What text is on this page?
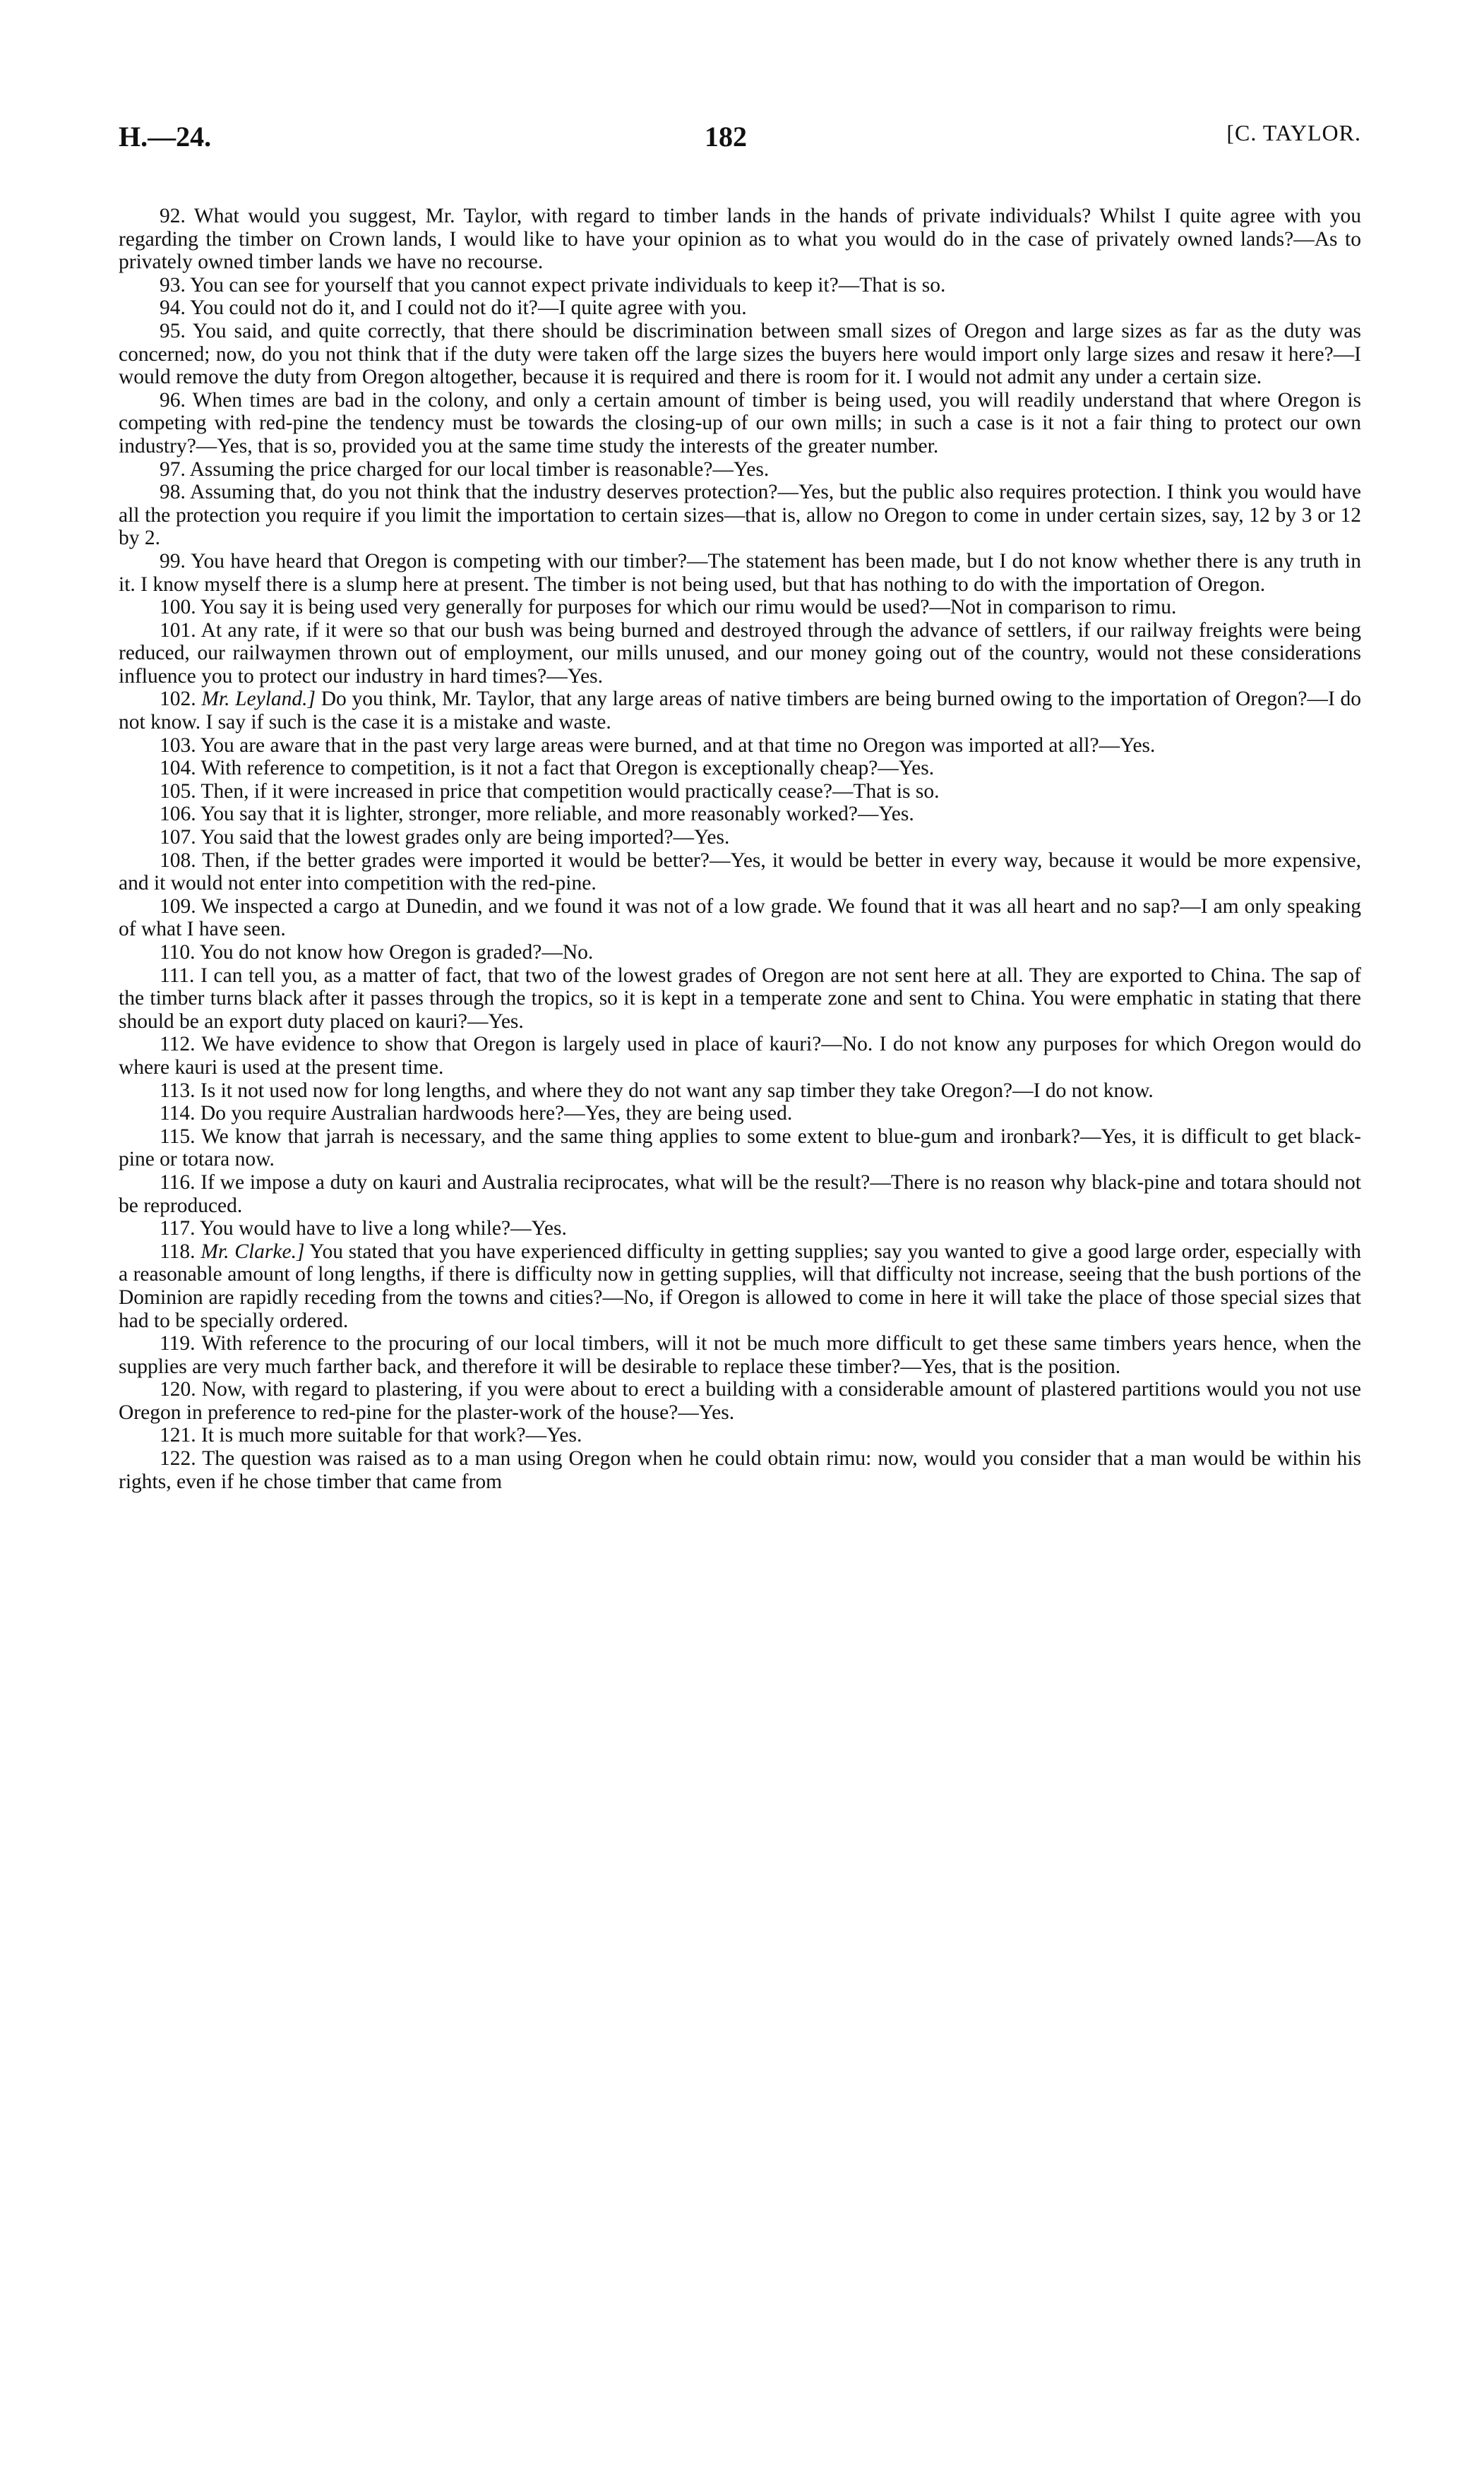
H.—24.	182	[C. TAYLOR.

92. What would you suggest, Mr. Taylor, with regard to timber lands in the hands of private individuals? Whilst I quite agree with you regarding the timber on Crown lands, I would like to have your opinion as to what you would do in the case of privately owned lands?—As to privately owned timber lands we have no recourse.

93. You can see for yourself that you cannot expect private individuals to keep it?—That is so.

94. You could not do it, and I could not do it?—I quite agree with you.

95. You said, and quite correctly, that there should be discrimination between small sizes of Oregon and large sizes as far as the duty was concerned; now, do you not think that if the duty were taken off the large sizes the buyers here would import only large sizes and resaw it here?—I would remove the duty from Oregon altogether, because it is required and there is room for it. I would not admit any under a certain size.

96. When times are bad in the colony, and only a certain amount of timber is being used, you will readily understand that where Oregon is competing with red-pine the tendency must be towards the closing-up of our own mills; in such a case is it not a fair thing to protect our own industry?—Yes, that is so, provided you at the same time study the interests of the greater number.

97. Assuming the price charged for our local timber is reasonable?—Yes.

98. Assuming that, do you not think that the industry deserves protection?—Yes, but the public also requires protection. I think you would have all the protection you require if you limit the importation to certain sizes—that is, allow no Oregon to come in under certain sizes, say, 12 by 3 or 12 by 2.

99. You have heard that Oregon is competing with our timber?—The statement has been made, but I do not know whether there is any truth in it. I know myself there is a slump here at present. The timber is not being used, but that has nothing to do with the importation of Oregon.

100. You say it is being used very generally for purposes for which our rimu would be used?—Not in comparison to rimu.

101. At any rate, if it were so that our bush was being burned and destroyed through the advance of settlers, if our railway freights were being reduced, our railwaymen thrown out of employment, our mills unused, and our money going out of the country, would not these considerations influence you to protect our industry in hard times?—Yes.

102. Mr. Leyland.] Do you think, Mr. Taylor, that any large areas of native timbers are being burned owing to the importation of Oregon?—I do not know. I say if such is the case it is a mistake and waste.

103. You are aware that in the past very large areas were burned, and at that time no Oregon was imported at all?—Yes.

104. With reference to competition, is it not a fact that Oregon is exceptionally cheap?—Yes.

105. Then, if it were increased in price that competition would practically cease?—That is so.

106. You say that it is lighter, stronger, more reliable, and more reasonably worked?—Yes.

107. You said that the lowest grades only are being imported?—Yes.

108. Then, if the better grades were imported it would be better?—Yes, it would be better in every way, because it would be more expensive, and it would not enter into competition with the red-pine.

109. We inspected a cargo at Dunedin, and we found it was not of a low grade. We found that it was all heart and no sap?—I am only speaking of what I have seen.

110. You do not know how Oregon is graded?—No.

111. I can tell you, as a matter of fact, that two of the lowest grades of Oregon are not sent here at all. They are exported to China. The sap of the timber turns black after it passes through the tropics, so it is kept in a temperate zone and sent to China. You were emphatic in stating that there should be an export duty placed on kauri?—Yes.

112. We have evidence to show that Oregon is largely used in place of kauri?—No. I do not know any purposes for which Oregon would do where kauri is used at the present time.

113. Is it not used now for long lengths, and where they do not want any sap timber they take Oregon?—I do not know.

114. Do you require Australian hardwoods here?—Yes, they are being used.

115. We know that jarrah is necessary, and the same thing applies to some extent to blue-gum and ironbark?—Yes, it is difficult to get black-pine or totara now.

116. If we impose a duty on kauri and Australia reciprocates, what will be the result?—There is no reason why black-pine and totara should not be reproduced.

117. You would have to live a long while?—Yes.

118. Mr. Clarke.] You stated that you have experienced difficulty in getting supplies; say you wanted to give a good large order, especially with a reasonable amount of long lengths, if there is difficulty now in getting supplies, will that difficulty not increase, seeing that the bush portions of the Dominion are rapidly receding from the towns and cities?—No, if Oregon is allowed to come in here it will take the place of those special sizes that had to be specially ordered.

119. With reference to the procuring of our local timbers, will it not be much more difficult to get these same timbers years hence, when the supplies are very much farther back, and therefore it will be desirable to replace these timber?—Yes, that is the position.

120. Now, with regard to plastering, if you were about to erect a building with a considerable amount of plastered partitions would you not use Oregon in preference to red-pine for the plaster-work of the house?—Yes.

121. It is much more suitable for that work?—Yes.

122. The question was raised as to a man using Oregon when he could obtain rimu: now, would you consider that a man would be within his rights, even if he chose timber that came from
